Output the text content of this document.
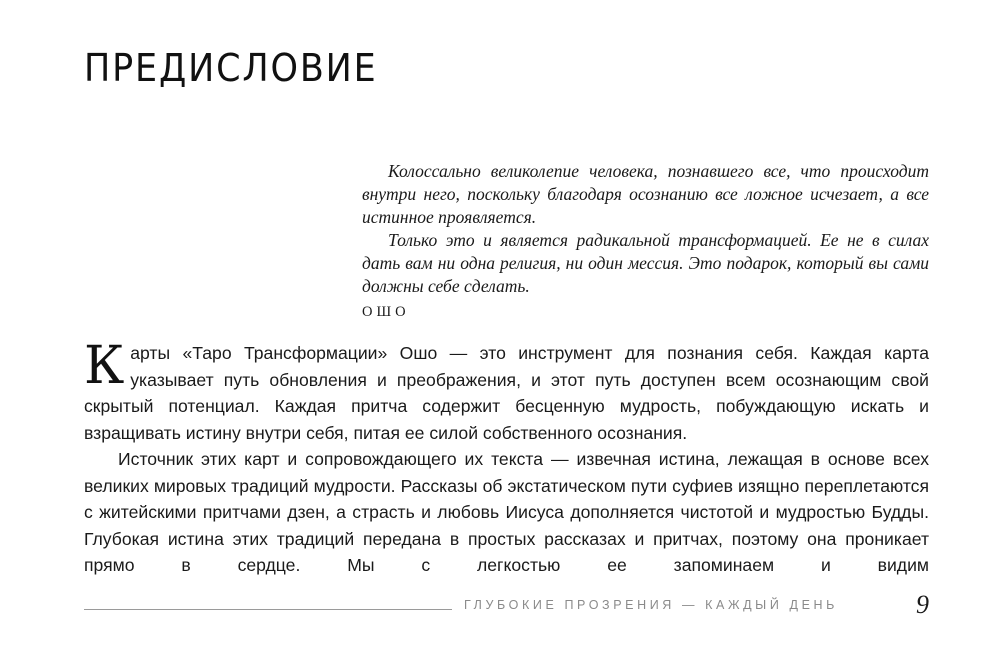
ПРЕДИСЛОВИЕ

Колоссально великолепие человека, познавшего все, что происходит внутри него, поскольку благодаря осознанию все ложное исчезает, а все истинное проявляется.

Только это и является радикальной трансформацией. Ее не в силах дать вам ни одна религия, ни один мессия. Это подарок, который вы сами должны себе сделать.

ОШО

Карты «Таро Трансформации» Ошо — это инструмент для познания себя. Каждая карта указывает путь обновления и преображения, и этот путь доступен всем осознающим свой скрытый потенциал. Каждая притча содержит бесценную мудрость, побуждающую искать и взращивать истину внутри себя, питая ее силой собственного осознания.

Источник этих карт и сопровождающего их текста — извечная истина, лежащая в основе всех великих мировых традиций мудрости. Рассказы об экстатическом пути суфиев изящно переплетаются с житейскими притчами дзен, а страсть и любовь Иисуса дополняется чистотой и мудростью Будды. Глубокая истина этих традиций передана в простых рассказах и притчах, поэтому она проникает прямо в сердце. Мы с легкостью ее запоминаем и видим

ГЛУБОКИЕ ПРОЗРЕНИЯ — КАЖДЫЙ ДЕНЬ	9
